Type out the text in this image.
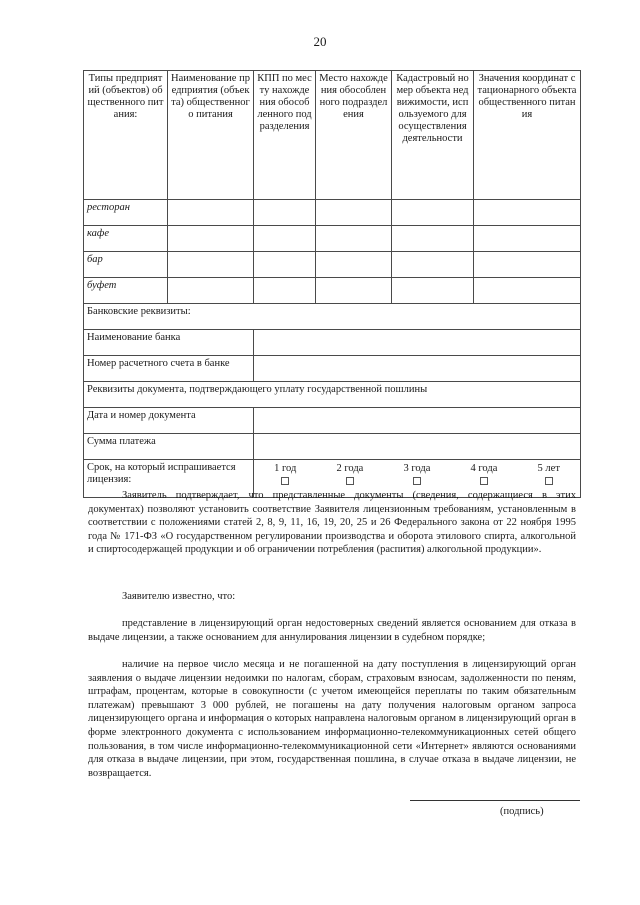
20
Типы предприятий (объектов) общественного питания:	Наименование предприятия (объекта) общественного питания	КПП по месту нахождения обособленного подразделения	Место нахождения обособленного подразделения	Кадастровый номер объекта недвижимости, используемого для осуществления деятельности	Значения координат стационарного объекта общественного питания
ресторан					
кафе					
бар					
буфет					
Банковские реквизиты:					
Наименование банка					
Номер расчетного счета в банке					
Реквизиты документа, подтверждающего уплату государственной пошлины					
Дата и номер документа					
Сумма платежа					
Срок, на который испрашивается лицензия:		1 год 2 года 3 года 4 года 5 лет			
Заявитель подтверждает, что представленные документы (сведения, содержащиеся в этих документах) позволяют установить соответствие Заявителя лицензионным требованиям, установленным в соответствии с положениями статей 2, 8, 9, 11, 16, 19, 20, 25 и 26 Федерального закона от 22 ноября 1995 года № 171-ФЗ «О государственном регулировании производства и оборота этилового спирта, алкогольной и спиртосодержащей продукции и об ограничении потребления (распития) алкогольной продукции».
Заявителю известно, что:
представление в лицензирующий орган недостоверных сведений является основанием для отказа в выдаче лицензии, а также основанием для аннулирования лицензии в судебном порядке;
наличие на первое число месяца и не погашенной на дату поступления в лицензирующий орган заявления о выдаче лицензии недоимки по налогам, сборам, страховым взносам, задолженности по пеням, штрафам, процентам, которые в совокупности (с учетом имеющейся переплаты по таким обязательным платежам) превышают 3 000 рублей, не погашены на дату получения налоговым органом запроса лицензирующего органа и информация о которых направлена налоговым органом в лицензирующий орган в форме электронного документа с использованием информационно-телекоммуникационных сетей общего пользования, в том числе информационно-телекоммуникационной сети «Интернет» являются основаниями для отказа в выдаче лицензии, при этом, государственная пошлина, в случае отказа в выдаче лицензии, не возвращается.
(подпись)
